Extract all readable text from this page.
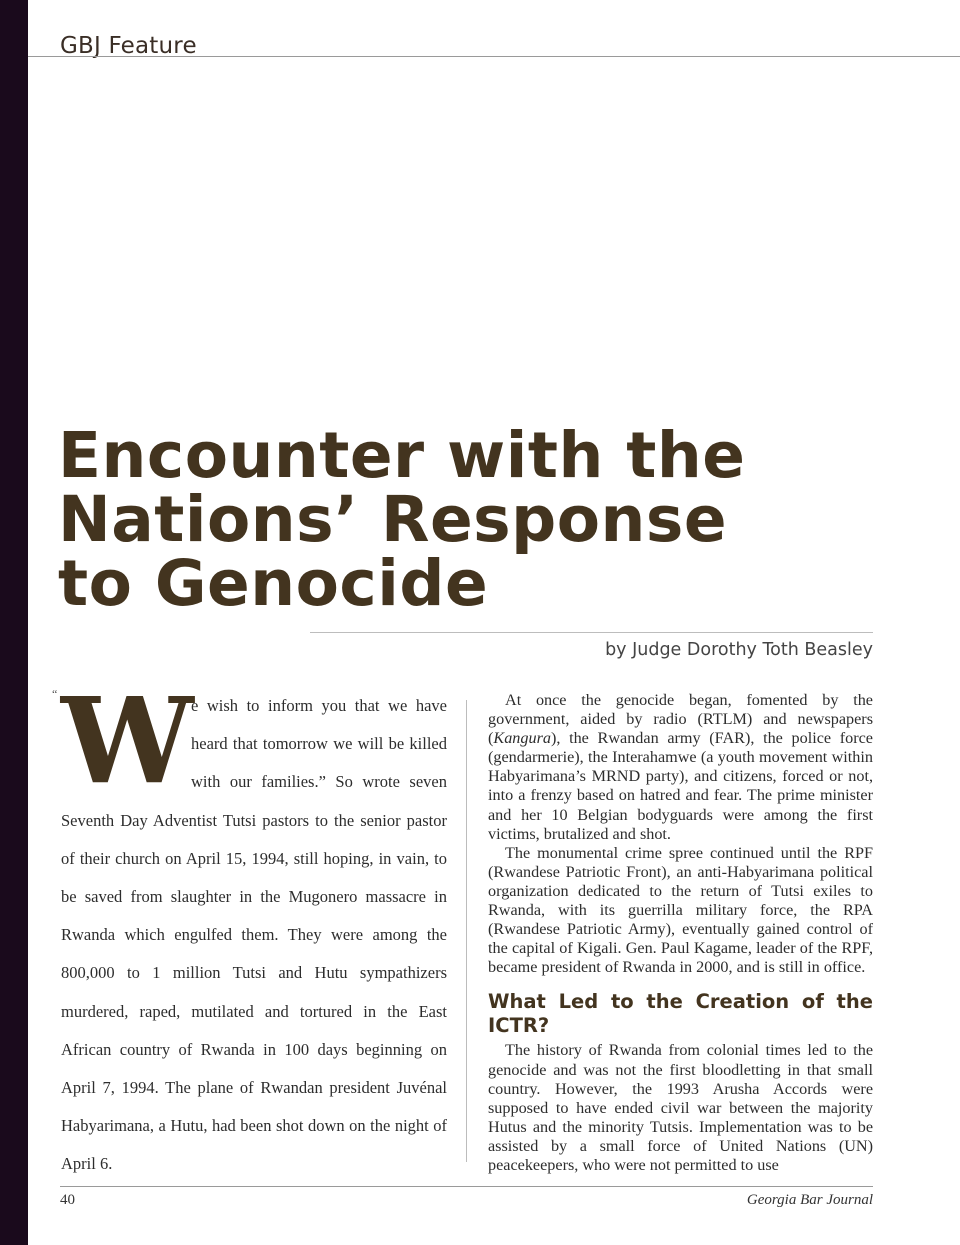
GBJ Feature
Encounter with the
Nations’ Response
to Genocide
by Judge Dorothy Toth Beasley
“ W e wish to inform you that we have heard that tomorrow we will be killed with our families.” So wrote seven Seventh Day Adventist Tutsi pastors to the senior pastor of their church on April 15, 1994, still hoping, in vain, to be saved from slaughter in the Mugonero massacre in Rwanda which engulfed them. They were among the 800,000 to 1 million Tutsi and Hutu sympathizers murdered, raped, mutilated and tortured in the East African country of Rwanda in 100 days beginning on April 7, 1994. The plane of Rwandan president Juvénal Habyarimana, a Hutu, had been shot down on the night of April 6.

At once the genocide began, fomented by the government, aided by radio (RTLM) and newspapers (Kangura), the Rwandan army (FAR), the police force (gendarmerie), the Interahamwe (a youth movement within Habyarimana’s MRND party), and citizens, forced or not, into a frenzy based on hatred and fear. The prime minister and her 10 Belgian bodyguards were among the first victims, brutalized and shot.

The monumental crime spree continued until the RPF (Rwandese Patriotic Front), an anti-Habyarimana political organization dedicated to the return of Tutsi exiles to Rwanda, with its guerrilla military force, the RPA (Rwandese Patriotic Army), eventually gained control of the capital of Kigali. Gen. Paul Kagame, leader of the RPF, became president of Rwanda in 2000, and is still in office.

What Led to the Creation of the ICTR?

The history of Rwanda from colonial times led to the genocide and was not the first bloodletting in that small country. However, the 1993 Arusha Accords were supposed to have ended civil war between the majority Hutus and the minority Tutsis. Implementation was to be assisted by a small force of United Nations (UN) peacekeepers, who were not permitted to use

40	Georgia Bar Journal
